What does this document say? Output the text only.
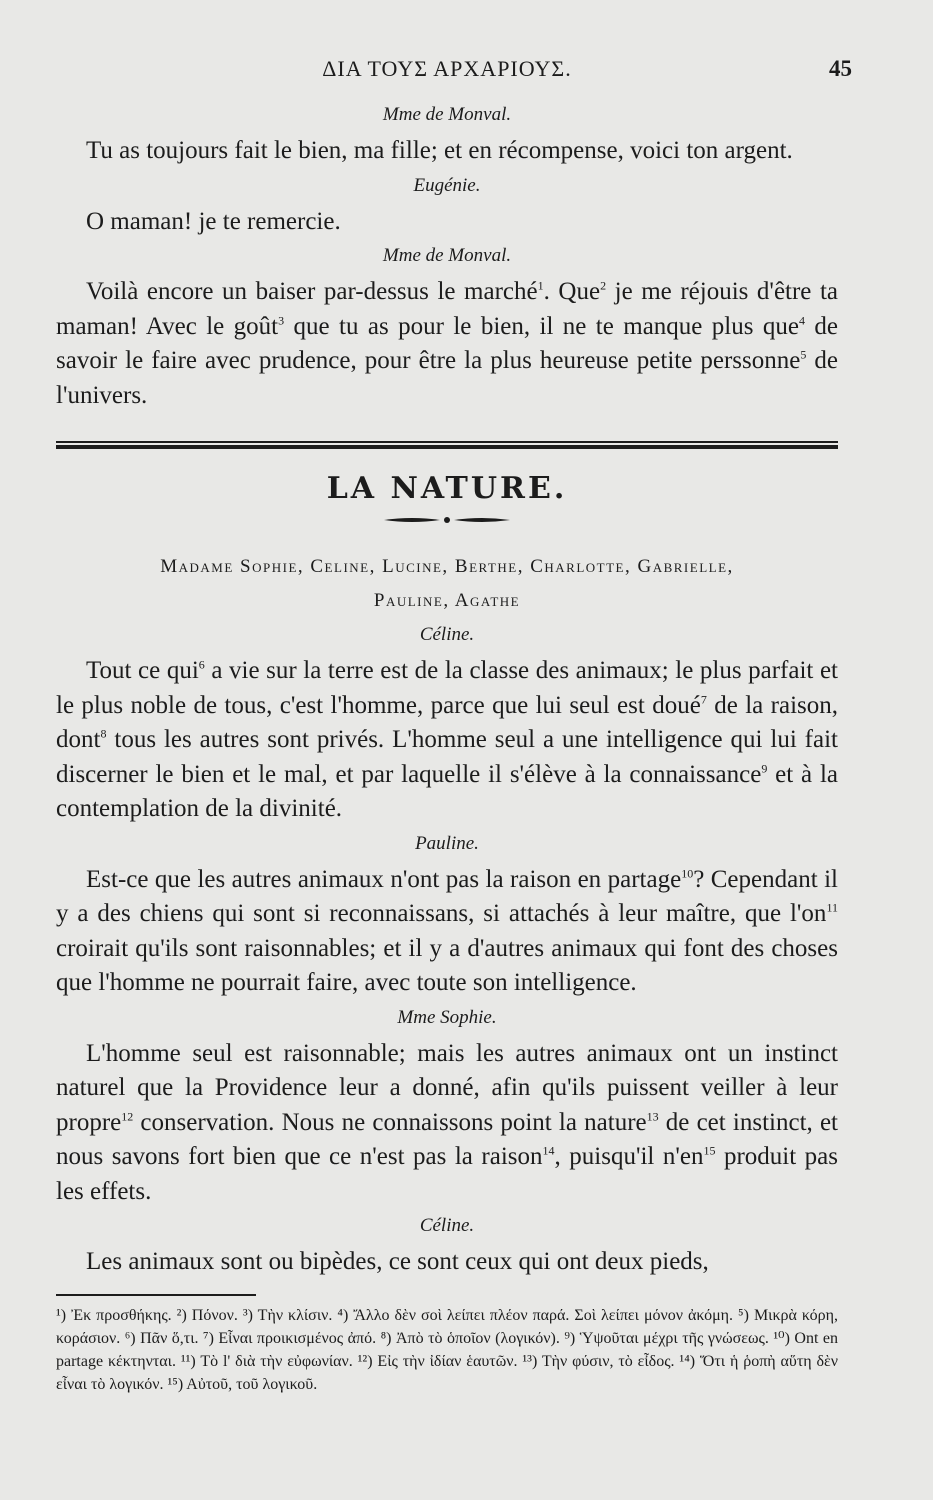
ΔΙΑ ΤΟΥΣ ΑΡΧΑΡΙΟΥΣ.	45
Mme de Monval.

Tu as toujours fait le bien, ma fille; et en récompense, voici ton argent.

Eugénie.

O maman! je te remercie.

Mme de Monval.

Voilà encore un baiser par-dessus le marché$^1$. Que$^2$ je me réjouis d'être ta maman! Avec le goût$^3$ que tu as pour le bien, il ne te manque plus que$^4$ de savoir le faire avec prudence, pour être la plus heureuse petite perssonne$^5$ de l'univers.

LA NATURE.

Madame Sophie, Celine, Lucine, Berthe, Charlotte, Gabrielle,

Pauline, Agathe

Céline.

Tout ce qui$^6$ a vie sur la terre est de la classe des animaux; le plus parfait et le plus noble de tous, c'est l'homme, parce que lui seul est doué$^7$ de la raison, dont$^8$ tous les autres sont privés. L'homme seul a une intelligence qui lui fait discerner le bien et le mal, et par laquelle il s'élève à la connaissance$^9$ et à la contemplation de la divinité.

Pauline.

Est-ce que les autres animaux n'ont pas la raison en partage$^{10}$? Cependant il y a des chiens qui sont si reconnaissans, si attachés à leur maître, que $l'on^{11}$ croirait qu'ils sont raisonnables; et il y a d'autres animaux qui font des choses que l'homme ne pourrait faire, avec toute son intelligence.

Mme Sophie.

L'homme seul est raisonnable; mais les autres animaux ont un instinct naturel que la Providence leur a donné, afin qu'ils puissent veiller à leur propre$^{12}$ conservation. Nous ne connaissons point la nature$^{13}$ de cet instinct, et nous savons fort bien que ce n'est pas la raison$^{14}$, puisqu'il $n'en^{15}$ produit pas les effets.

Céline.

Les animaux sont ou bipèdes, ce sont ceux qui ont deux pieds,

¹) Ἐκ προσθήκης. ²) Πόνον. ³) Τὴν κλίσιν. ⁴) Ἄλλο δὲν σοὶ λείπει πλέον παρά. Σοὶ λείπει μόνον ἀκόμη. ⁵) Μικρὰ κόρη, κοράσιον. ⁶) Πᾶν ὅ,τι. ⁷) Εἶναι προικισμένος ἀπό. ⁸) Ἀπὸ τὸ ὁποῖον (λογικόν). ⁹) Ὑψοῦται μέχρι τῆς γνώσεως. ¹⁰) Ont en partage κέκτηνται. ¹¹) Τὸ l' διὰ τὴν εὐφωνίαν. ¹²) Εἰς τὴν ἰδίαν ἑαυτῶν. ¹³) Τὴν φύσιν, τὸ εἶδος. ¹⁴) Ὅτι ἡ ῥοπὴ αὕτη δὲν εἶναι τὸ λογικόν. ¹⁵) Αὐτοῦ, τοῦ λογικοῦ.
